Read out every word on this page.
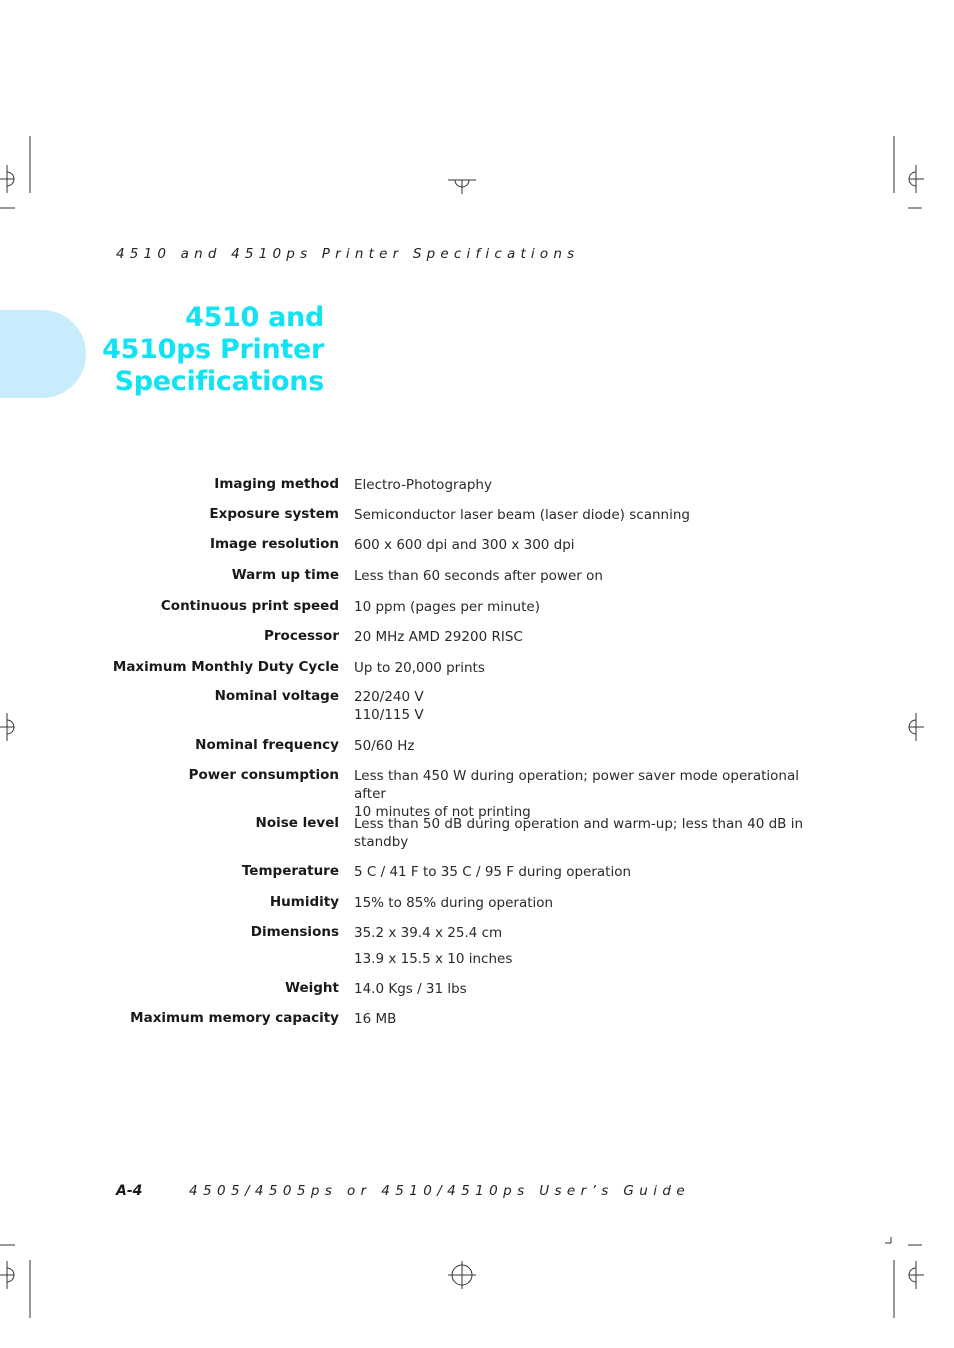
4510 and 4510ps Printer Specifications
4510 and
4510ps Printer
Specifications
Imaging method Electro-Photography
Exposure system Semiconductor laser beam (laser diode) scanning
Image resolution 600 x 600 dpi and 300 x 300 dpi
Warm up time Less than 60 seconds after power on
Continuous print speed 10 ppm (pages per minute)
Processor 20 MHz AMD 29200 RISC
Maximum Monthly Duty Cycle Up to 20,000 prints
Nominal voltage 220/240 V
110/115 V
Nominal frequency 50/60 Hz
Power consumption Less than 450 W during operation; power saver mode operational after
10 minutes of not printing
Noise level Less than 50 dB during operation and warm-up; less than 40 dB in
standby
Temperature 5 C / 41 F to 35 C / 95 F during operation
Humidity 15% to 85% during operation
Dimensions 35.2 x 39.4 x 25.4 cm
13.9 x 15.5 x 10 inches
Weight 14.0 Kgs / 31 lbs
Maximum memory capacity 16 MB
A-4	4505/4505ps or 4510/4510ps User’s Guide
